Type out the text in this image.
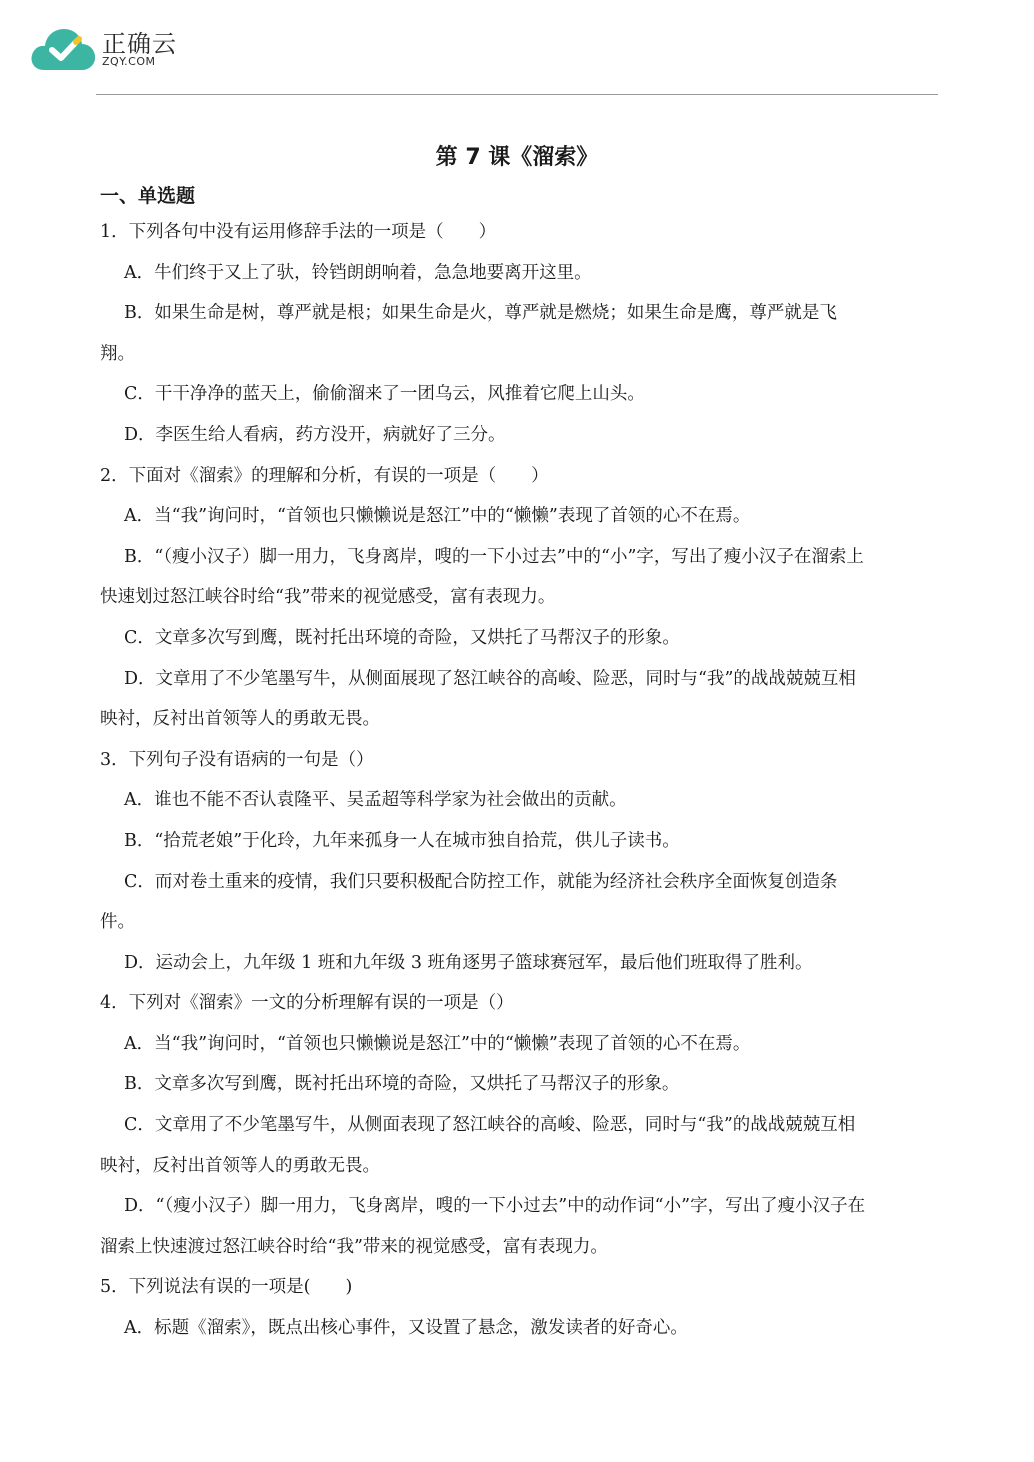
正确云
ZQY.COM
第 7 课《溜索》
一、单选题
1．下列各句中没有运用修辞手法的一项是（　　）
A．牛们终于又上了驮，铃铛朗朗响着，急急地要离开这里。
B．如果生命是树，尊严就是根；如果生命是火，尊严就是燃烧；如果生命是鹰，尊严就是飞
翔。
C．干干净净的蓝天上，偷偷溜来了一团乌云，风推着它爬上山头。
D．李医生给人看病，药方没开，病就好了三分。
2．下面对《溜索》的理解和分析，有误的一项是（　　）
A．当“我”询问时，“首领也只懒懒说是怒江”中的“懒懒”表现了首领的心不在焉。
B．“（瘦小汉子）脚一用力，飞身离岸，嗖的一下小过去”中的“小”字，写出了瘦小汉子在溜索上
快速划过怒江峡谷时给“我”带来的视觉感受，富有表现力。
C．文章多次写到鹰，既衬托出环境的奇险，又烘托了马帮汉子的形象。
D．文章用了不少笔墨写牛，从侧面展现了怒江峡谷的高峻、险恶，同时与“我”的战战兢兢互相
映衬，反衬出首领等人的勇敢无畏。
3．下列句子没有语病的一句是（）
A．谁也不能不否认袁隆平、吴孟超等科学家为社会做出的贡献。
B．“拾荒老娘”于化玲，九年来孤身一人在城市独自拾荒，供儿子读书。
C．而对卷土重来的疫情，我们只要积极配合防控工作，就能为经济社会秩序全面恢复创造条
件。
D．运动会上，九年级 1 班和九年级 3 班角逐男子篮球赛冠军，最后他们班取得了胜利。
4．下列对《溜索》一文的分析理解有误的一项是（）
A．当“我”询问时，“首领也只懒懒说是怒江”中的“懒懒”表现了首领的心不在焉。
B．文章多次写到鹰，既衬托出环境的奇险，又烘托了马帮汉子的形象。
C．文章用了不少笔墨写牛，从侧面表现了怒江峡谷的高峻、险恶，同时与“我”的战战兢兢互相
映衬，反衬出首领等人的勇敢无畏。
D．“（瘦小汉子）脚一用力，飞身离岸，嗖的一下小过去”中的动作词“小”字，写出了瘦小汉子在
溜索上快速渡过怒江峡谷时给“我”带来的视觉感受，富有表现力。
5．下列说法有误的一项是(　　)
A．标题《溜索》，既点出核心事件，又设置了悬念，激发读者的好奇心。
